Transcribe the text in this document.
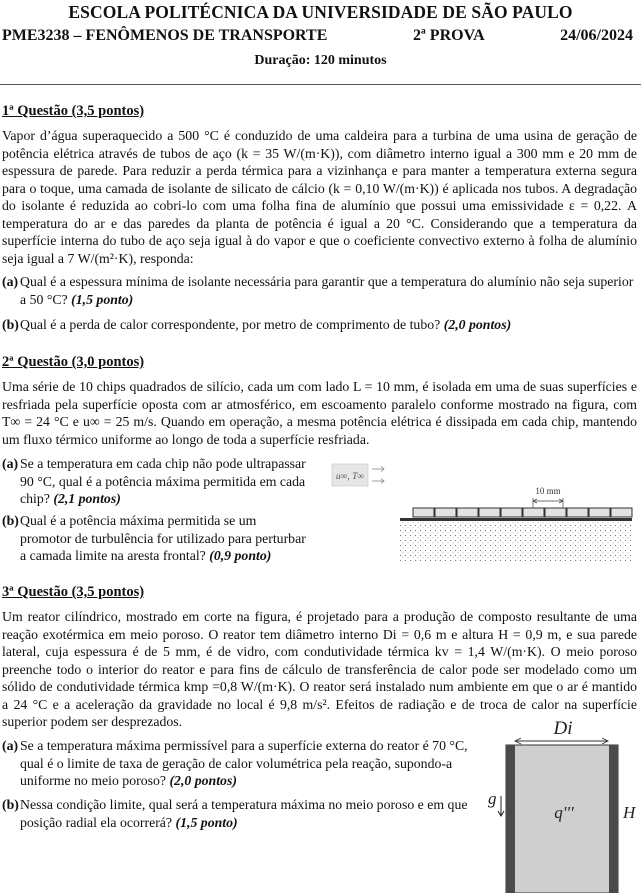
ESCOLA POLITÉCNICA DA UNIVERSIDADE DE SÃO PAULO
PME3238 – FENÔMENOS DE TRANSPORTE	2ª PROVA	24/06/2024
Duração: 120 minutos
1ª Questão (3,5 pontos)
Vapor d’água superaquecido a 500 °C é conduzido de uma caldeira para a turbina de uma usina de geração de potência elétrica através de tubos de aço (k = 35 W/(m·K)), com diâmetro interno igual a 300 mm e 20 mm de espessura de parede. Para reduzir a perda térmica para a vizinhança e para manter a temperatura externa segura para o toque, uma camada de isolante de silicato de cálcio (k = 0,10 W/(m·K)) é aplicada nos tubos. A degradação do isolante é reduzida ao cobri-lo com uma folha fina de alumínio que possui uma emissividade ε = 0,22. A temperatura do ar e das paredes da planta de potência é igual a 20 °C. Considerando que a temperatura da superfície interna do tubo de aço seja igual à do vapor e que o coeficiente convectivo externo à folha de alumínio seja igual a 7 W/(m²·K), responda:
(a) Qual é a espessura mínima de isolante necessária para garantir que a temperatura do alumínio não seja superior a 50 °C? (1,5 ponto)
(b) Qual é a perda de calor correspondente, por metro de comprimento de tubo? (2,0 pontos)
2ª Questão (3,0 pontos)
Uma série de 10 chips quadrados de silício, cada um com lado L = 10 mm, é isolada em uma de suas superfícies e resfriada pela superfície oposta com ar atmosférico, em escoamento paralelo conforme mostrado na figura, com T∞ = 24 °C e u∞ = 25 m/s. Quando em operação, a mesma potência elétrica é dissipada em cada chip, mantendo um fluxo térmico uniforme ao longo de toda a superfície resfriada.
(a) Se a temperatura em cada chip não pode ultrapassar 90 °C, qual é a potência máxima permitida em cada chip? (2,1 pontos)
(b) Qual é a potência máxima permitida se um promotor de turbulência for utilizado para perturbar a camada limite na aresta frontal? (0,9 ponto)
u∞, T∞
10 mm
3ª Questão (3,5 pontos)
Um reator cilíndrico, mostrado em corte na figura, é projetado para a produção de composto resultante de uma reação exotérmica em meio poroso. O reator tem diâmetro interno Di = 0,6 m e altura H = 0,9 m, e sua parede lateral, cuja espessura é de 5 mm, é de vidro, com condutividade térmica kv = 1,4 W/(m·K). O meio poroso preenche todo o interior do reator e para fins de cálculo de transferência de calor pode ser modelado como um sólido de condutividade térmica kmp =0,8 W/(m·K). O reator será instalado num ambiente em que o ar é mantido a 24 °C e a aceleração da gravidade no local é 9,8 m/s². Efeitos de radiação e de troca de calor na superfície superior podem ser desprezados.
(a) Se a temperatura máxima permissível para a superfície externa do reator é 70 °C, qual é o limite de taxa de geração de calor volumétrica pela reação, supondo-a uniforme no meio poroso? (2,0 pontos)
(b) Nessa condição limite, qual será a temperatura máxima no meio poroso e em que posição radial ela ocorrerá? (1,5 ponto)
Di
q'''
g
H
